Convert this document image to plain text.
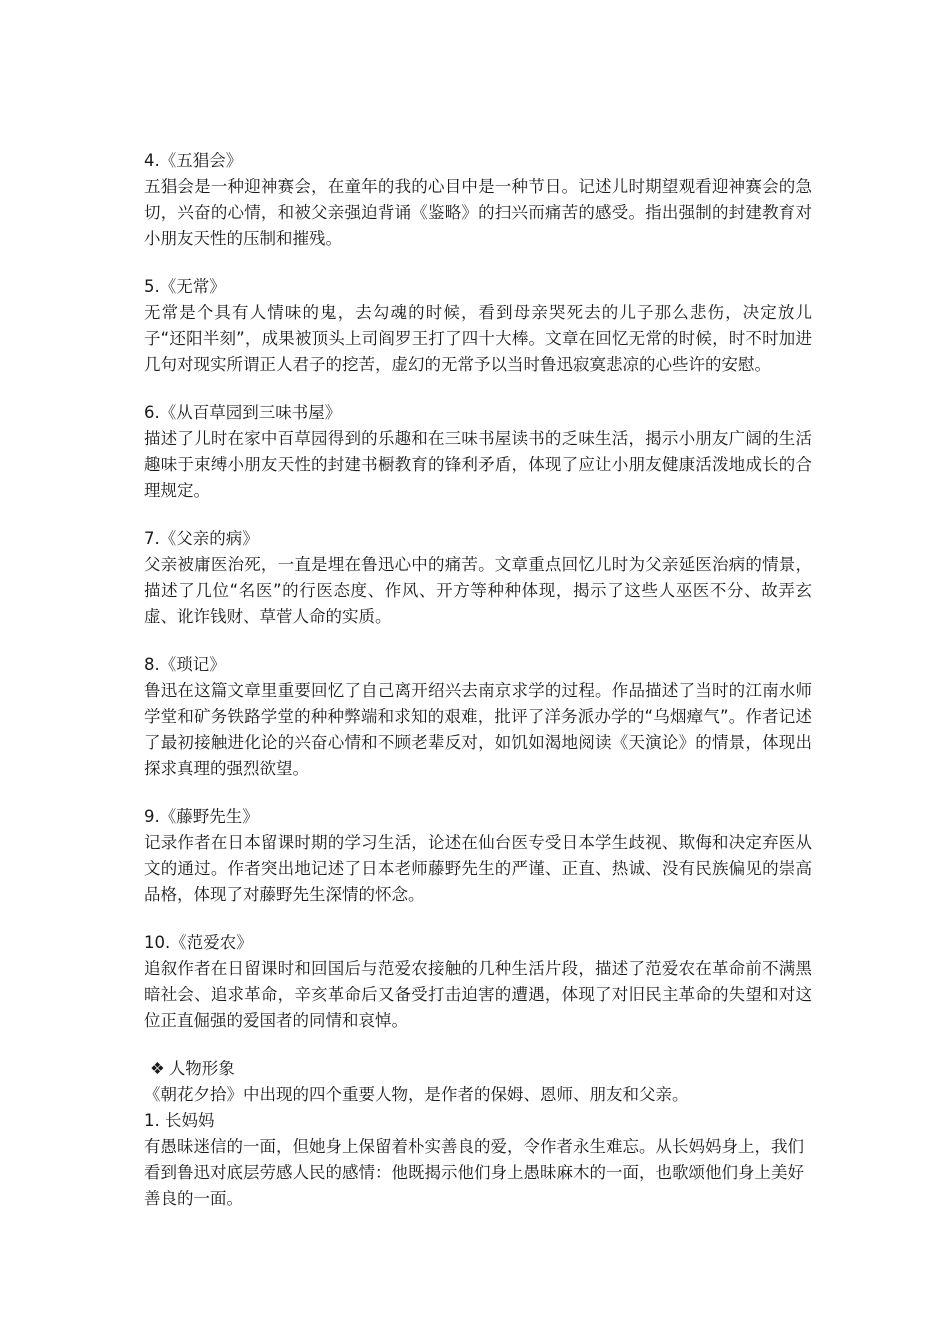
4.《五猖会》

五猖会是一种迎神赛会，在童年的我的心目中是一种节日。记述儿时期望观看迎神赛会的急切，兴奋的心情，和被父亲强迫背诵《鉴略》的扫兴而痛苦的感受。指出强制的封建教育对小朋友天性的压制和摧残。

5.《无常》

无常是个具有人情味的鬼，去勾魂的时候，看到母亲哭死去的儿子那么悲伤，决定放儿子“还阳半刻”，成果被顶头上司阎罗王打了四十大棒。文章在回忆无常的时候，时不时加进几句对现实所谓正人君子的挖苦，虚幻的无常予以当时鲁迅寂寞悲凉的心些许的安慰。

6.《从百草园到三味书屋》

描述了儿时在家中百草园得到的乐趣和在三味书屋读书的乏味生活，揭示小朋友广阔的生活趣味于束缚小朋友天性的封建书橱教育的锋利矛盾，体现了应让小朋友健康活泼地成长的合理规定。

7.《父亲的病》

父亲被庸医治死，一直是埋在鲁迅心中的痛苦。文章重点回忆儿时为父亲延医治病的情景，描述了几位“名医”的行医态度、作风、开方等种种体现，揭示了这些人巫医不分、故弄玄虚、讹诈钱财、草菅人命的实质。

8.《琐记》

鲁迅在这篇文章里重要回忆了自己离开绍兴去南京求学的过程。作品描述了当时的江南水师学堂和矿务铁路学堂的种种弊端和求知的艰难，批评了洋务派办学的“乌烟瘴气”。作者记述了最初接触进化论的兴奋心情和不顾老辈反对，如饥如渴地阅读《天演论》的情景，体现出探求真理的强烈欲望。

9.《藤野先生》

记录作者在日本留课时期的学习生活，论述在仙台医专受日本学生歧视、欺侮和决定弃医从文的通过。作者突出地记述了日本老师藤野先生的严谨、正直、热诚、没有民族偏见的崇高品格，体现了对藤野先生深情的怀念。

10.《范爱农》

追叙作者在日留课时和回国后与范爱农接触的几种生活片段，描述了范爱农在革命前不满黑暗社会、追求革命，辛亥革命后又备受打击迫害的遭遇，体现了对旧民主革命的失望和对这位正直倔强的爱国者的同情和哀悼。

❖ 人物形象

《朝花夕拾》中出现的四个重要人物，是作者的保姆、恩师、朋友和父亲。

1. 长妈妈

有愚昧迷信的一面，但她身上保留着朴实善良的爱，令作者永生难忘。从长妈妈身上，我们看到鲁迅对底层劳感人民的感情：他既揭示他们身上愚昧麻木的一面，也歌颂他们身上美好善良的一面。
